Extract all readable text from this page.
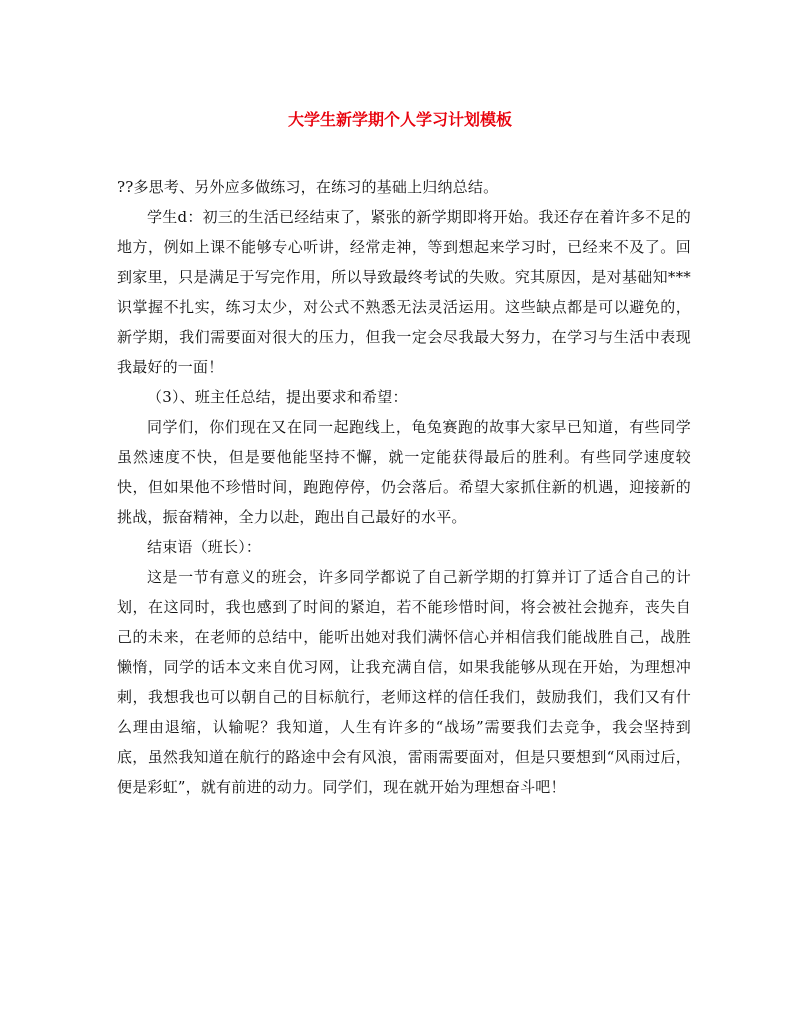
大学生新学期个人学习计划模板

??多思考、另外应多做练习，在练习的基础上归纳总结。

学生d：初三的生活已经结束了，紧张的新学期即将开始。我还存在着许多不足的地方，例如上课不能够专心听讲，经常走神，等到想起来学习时，已经来不及了。回到家里，只是满足于写完作用，所以导致最终考试的失败。究其原因，是对基础知***识掌握不扎实，练习太少，对公式不熟悉无法灵活运用。这些缺点都是可以避免的，新学期，我们需要面对很大的压力，但我一定会尽我最大努力，在学习与生活中表现我最好的一面！

（3）、班主任总结，提出要求和希望：

同学们，你们现在又在同一起跑线上，龟兔赛跑的故事大家早已知道，有些同学虽然速度不快，但是要他能坚持不懈，就一定能获得最后的胜利。有些同学速度较快，但如果他不珍惜时间，跑跑停停，仍会落后。希望大家抓住新的机遇，迎接新的挑战，振奋精神，全力以赴，跑出自己最好的水平。

结束语（班长）：

这是一节有意义的班会，许多同学都说了自己新学期的打算并订了适合自己的计划，在这同时，我也感到了时间的紧迫，若不能珍惜时间，将会被社会抛弃，丧失自己的未来，在老师的总结中，能听出她对我们满怀信心并相信我们能战胜自己，战胜懒惰，同学的话本文来自优习网，让我充满自信，如果我能够从现在开始，为理想冲刺，我想我也可以朝自己的目标航行，老师这样的信任我们，鼓励我们，我们又有什么理由退缩，认输呢？我知道，人生有许多的“战场”需要我们去竞争，我会坚持到底，虽然我知道在航行的路途中会有风浪，雷雨需要面对，但是只要想到“风雨过后，便是彩虹”，就有前进的动力。同学们，现在就开始为理想奋斗吧！
